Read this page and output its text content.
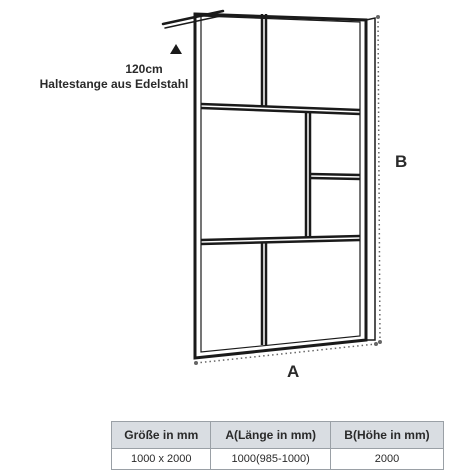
120cm
Haltestange aus Edelstahl
B
A
Größe in mm	A(Länge in mm)	B(Höhe in mm)
1000 x 2000	1000(985-1000)	2000
